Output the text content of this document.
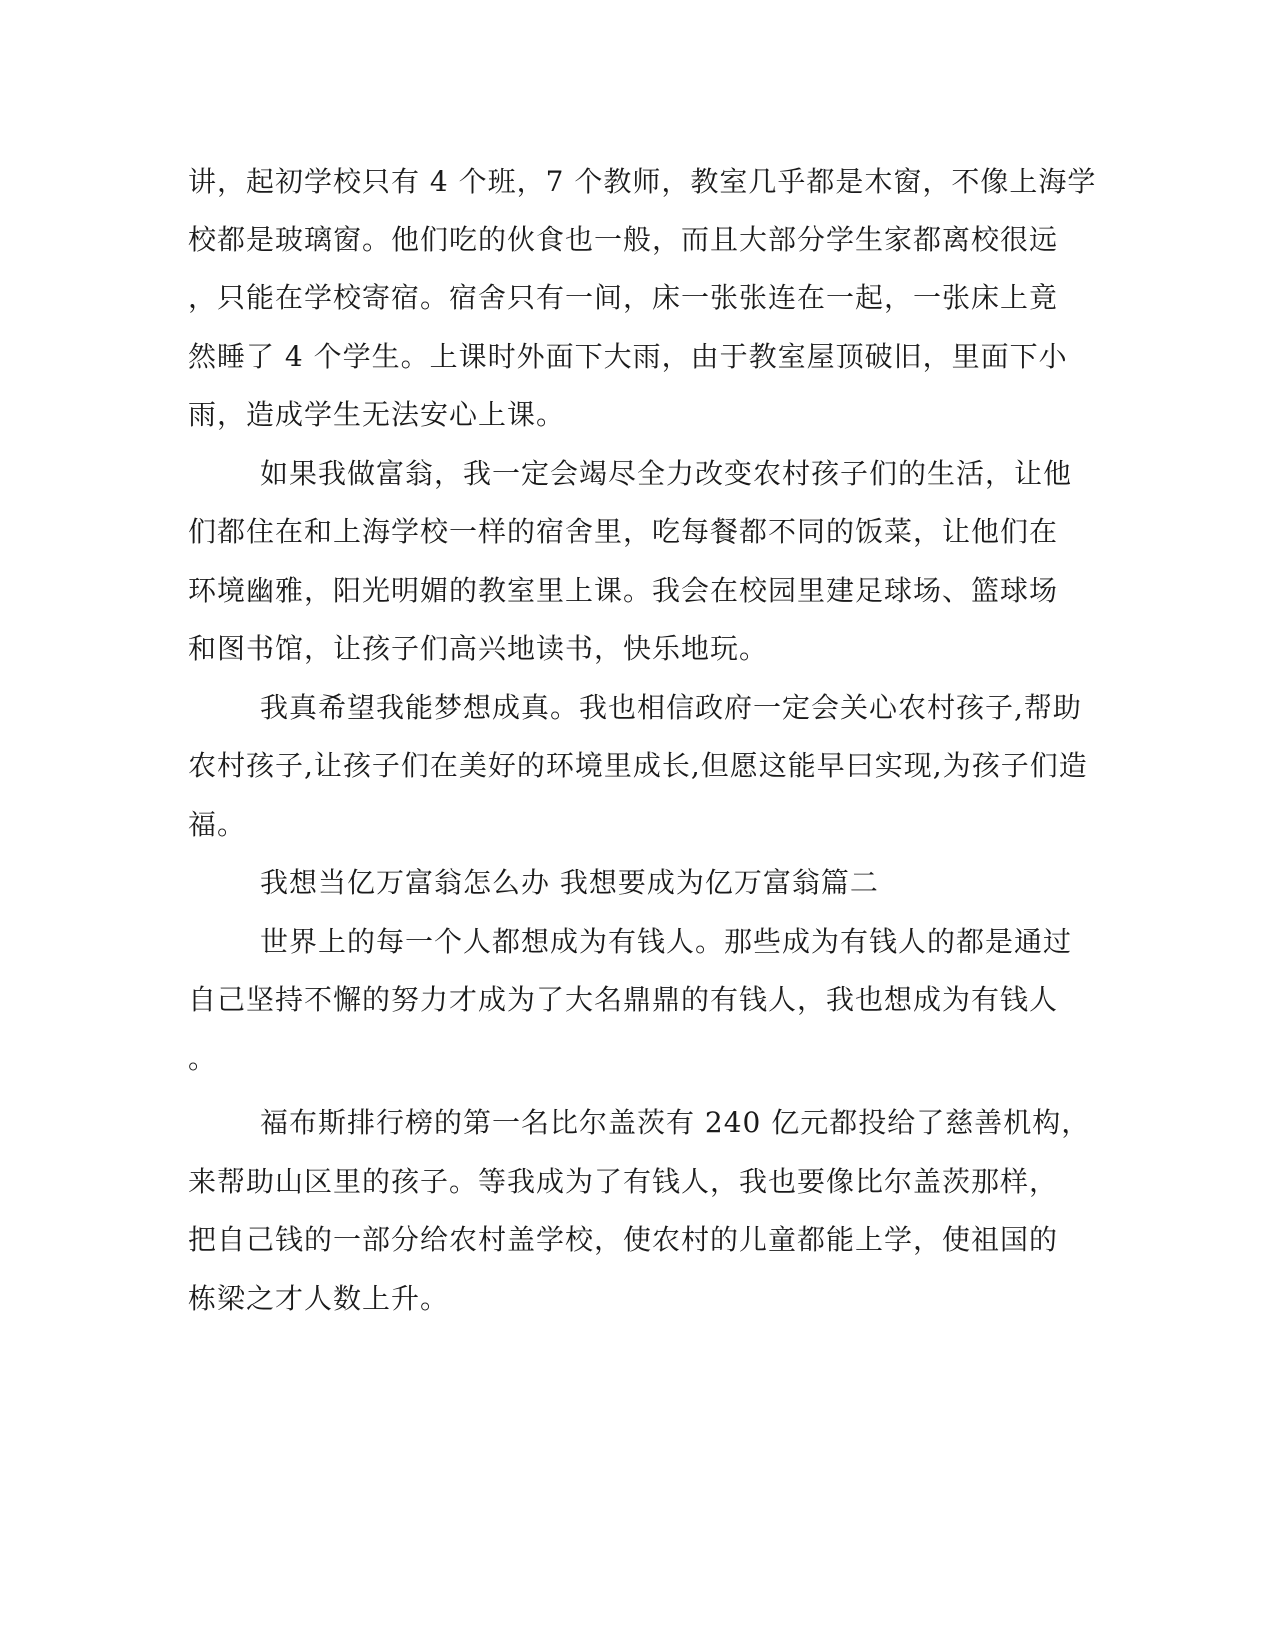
讲，起初学校只有 4 个班，7 个教师，教室几乎都是木窗，不像上海学

校都是玻璃窗。他们吃的伙食也一般，而且大部分学生家都离校很远

，只能在学校寄宿。宿舍只有一间，床一张张连在一起，一张床上竟

然睡了 4 个学生。上课时外面下大雨，由于教室屋顶破旧，里面下小

雨，造成学生无法安心上课。

如果我做富翁，我一定会竭尽全力改变农村孩子们的生活，让他

们都住在和上海学校一样的宿舍里，吃每餐都不同的饭菜，让他们在

环境幽雅，阳光明媚的教室里上课。我会在校园里建足球场、篮球场

和图书馆，让孩子们高兴地读书，快乐地玩。

我真希望我能梦想成真。我也相信政府一定会关心农村孩子,帮助

农村孩子,让孩子们在美好的环境里成长,但愿这能早曰实现,为孩子们造

福。

我想当亿万富翁怎么办 我想要成为亿万富翁篇二

世界上的每一个人都想成为有钱人。那些成为有钱人的都是通过

自己坚持不懈的努力才成为了大名鼎鼎的有钱人，我也想成为有钱人

。

福布斯排行榜的第一名比尔盖茨有 240 亿元都投给了慈善机构，

来帮助山区里的孩子。等我成为了有钱人，我也要像比尔盖茨那样，

把自己钱的一部分给农村盖学校，使农村的儿童都能上学，使祖国的

栋梁之才人数上升。
